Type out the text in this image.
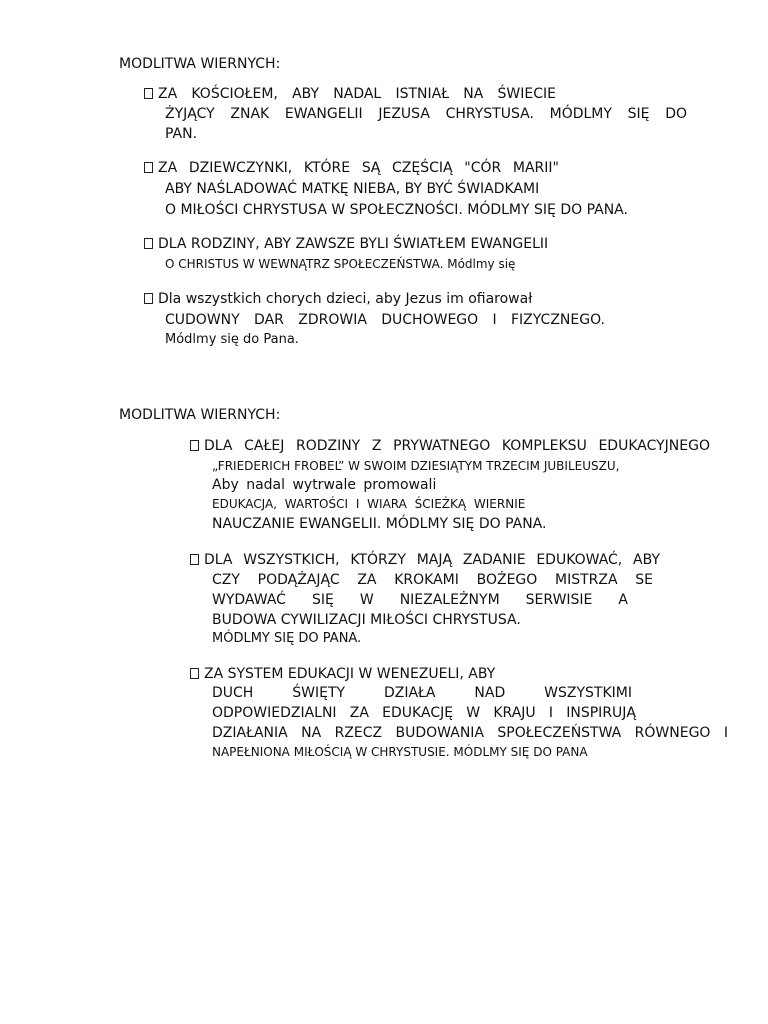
MODLITWA WIERNYCH:
ZA KOŚCIOŁEM, ABY NADAL ISTNIAŁ NA ŚWIECIE
ŻYJĄCY ZNAK EWANGELII JEZUSA CHRYSTUSA. MÓDLMY SIĘ DO
PAN.
ZA DZIEWCZYNKI, KTÓRE SĄ CZĘŚCIĄ "CÓR MARII"
ABY NAŚLADOWAĆ MATKĘ NIEBA, BY BYĆ ŚWIADKAMI
O MIŁOŚCI CHRYSTUSA W SPOŁECZNOŚCI. MÓDLMY SIĘ DO PANA.
DLA RODZINY, ABY ZAWSZE BYLI ŚWIATŁEM EWANGELII
O CHRISTUS W WEWNĄTRZ SPOŁECZEŃSTWA. Módlmy się
Dla wszystkich chorych dzieci, aby Jezus im ofiarował
CUDOWNY DAR ZDROWIA DUCHOWEGO I FIZYCZNEGO.
Módlmy się do Pana.
MODLITWA WIERNYCH:
DLA CAŁEJ RODZINY Z PRYWATNEGO KOMPLEKSU EDUKACYJNEGO
„FRIEDERICH FROBEL” W SWOIM DZIESIĄTYM TRZECIM JUBILEUSZU,
Aby nadal wytrwale promowali
EDUKACJA, WARTOŚCI I WIARA ŚCIEŻKĄ WIERNIE
NAUCZANIE EWANGELII. MÓDLMY SIĘ DO PANA.
DLA WSZYSTKICH, KTÓRZY MAJĄ ZADANIE EDUKOWAĆ, ABY
CZY PODĄŻAJĄC ZA KROKAMI BOŻEGO MISTRZA SE
WYDAWAĆ SIĘ W NIEZALEŻNYM SERWISIE A
BUDOWA CYWILIZACJI MIŁOŚCI CHRYSTUSA.
MÓDLMY SIĘ DO PANA.
ZA SYSTEM EDUKACJI W WENEZUELI, ABY
DUCH ŚWIĘTY DZIAŁA NAD WSZYSTKIMI
ODPOWIEDZIALNI ZA EDUKACJĘ W KRAJU I INSPIRUJĄ
DZIAŁANIA NA RZECZ BUDOWANIA SPOŁECZEŃSTWA RÓWNEGO I
NAPEŁNIONA MIŁOŚCIĄ W CHRYSTUSIE. MÓDLMY SIĘ DO PANA
